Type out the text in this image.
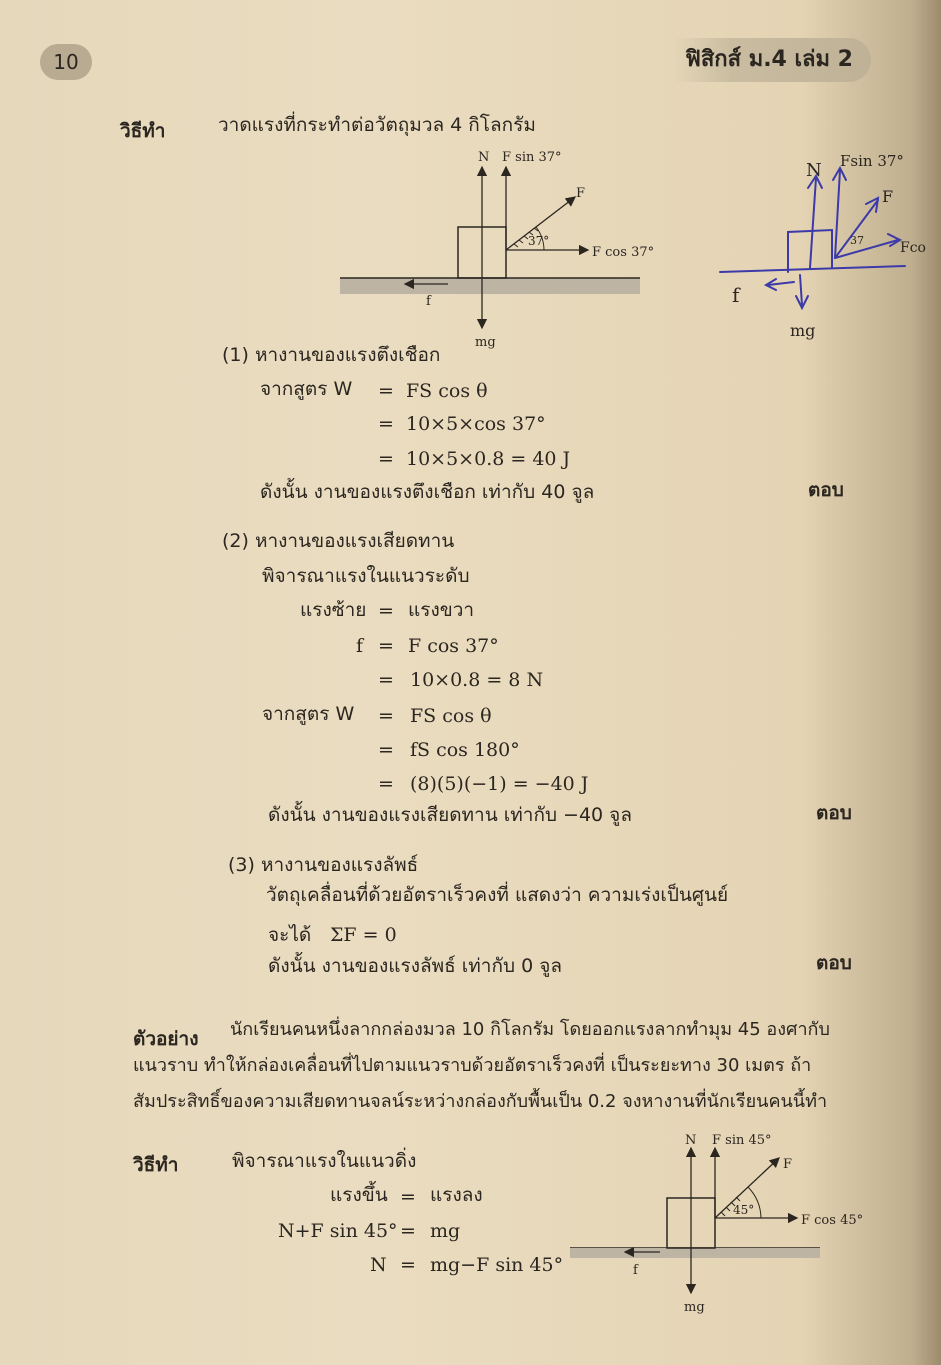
10	ฟิสิกส์ ม.4 เล่ม 2
วิธีทำ	วาดแรงที่กระทำต่อวัตถุมวล 4 กิโลกรัม
N F sin 37°
F
37°
F cos 37°
f
mg
N Fsin 37°
F
37	Fco
f
mg
(1) หางานของแรงตึงเชือก
จากสูตร W = FS cos θ
= 10×5×cos 37°
= 10×5×0.8 = 40 J
ดังนั้น งานของแรงตึงเชือก เท่ากับ 40 จูล	ตอบ
(2) หางานของแรงเสียดทาน
พิจารณาแรงในแนวระดับ
แรงซ้าย = แรงขวา
f = F cos 37°
= 10×0.8 = 8 N
จากสูตร W = FS cos θ
= fS cos 180°
= (8)(5)(−1) = −40 J
ดังนั้น งานของแรงเสียดทาน เท่ากับ −40 จูล	ตอบ
(3) หางานของแรงลัพธ์
วัตถุเคลื่อนที่ด้วยอัตราเร็วคงที่ แสดงว่า ความเร่งเป็นศูนย์
จะได้ ΣF = 0
ดังนั้น งานของแรงลัพธ์ เท่ากับ 0 จูล	ตอบ
ตัวอย่าง นักเรียนคนหนึ่งลากกล่องมวล 10 กิโลกรัม โดยออกแรงลากทำมุม 45 องศากับ
แนวราบ ทำให้กล่องเคลื่อนที่ไปตามแนวราบด้วยอัตราเร็วคงที่ เป็นระยะทาง 30 เมตร ถ้า
สัมประสิทธิ์ของความเสียดทานจลน์ระหว่างกล่องกับพื้นเป็น 0.2 จงหางานที่นักเรียนคนนี้ทำ
วิธีทำ	พิจารณาแรงในแนวดิ่ง
แรงขึ้น = แรงลง
N+F sin 45° = mg
N = mg−F sin 45°
N F sin 45°
F
45°
F cos 45°
f
mg
